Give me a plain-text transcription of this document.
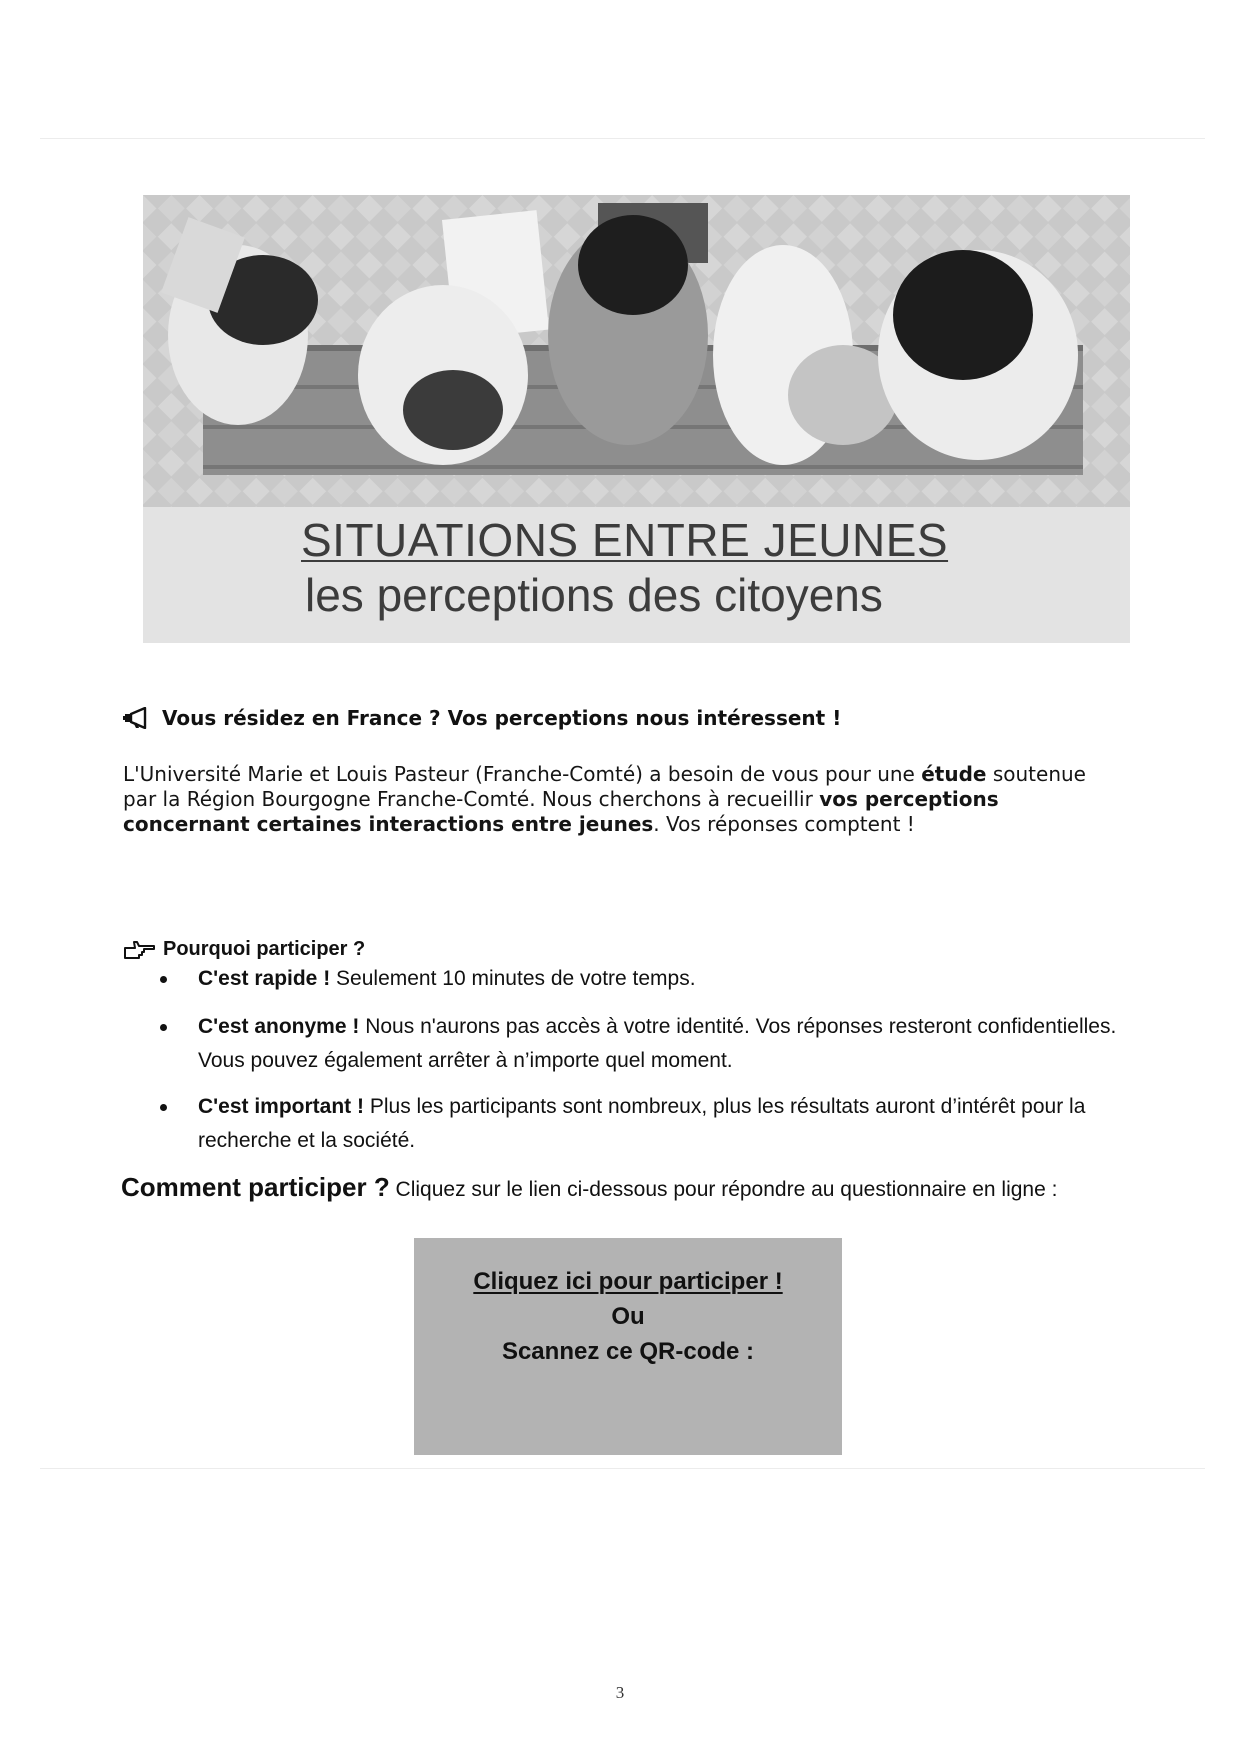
SITUATIONS ENTRE JEUNES
les perceptions des citoyens
Vous résidez en France ? Vos perceptions nous intéressent !
L'Université Marie et Louis Pasteur (Franche-Comté) a besoin de vous pour une étude soutenue par la Région Bourgogne Franche-Comté. Nous cherchons à recueillir vos perceptions concernant certaines interactions entre jeunes. Vos réponses comptent !
Pourquoi participer ?
C'est rapide ! Seulement 10 minutes de votre temps.
C'est anonyme ! Nous n'aurons pas accès à votre identité. Vos réponses resteront confidentielles. Vous pouvez également arrêter à n’importe quel moment.
C'est important ! Plus les participants sont nombreux, plus les résultats auront d’intérêt pour la recherche et la société.
Comment participer ? Cliquez sur le lien ci-dessous pour répondre au questionnaire en ligne :
Cliquez ici pour participer !
Ou
Scannez ce QR-code :
3
